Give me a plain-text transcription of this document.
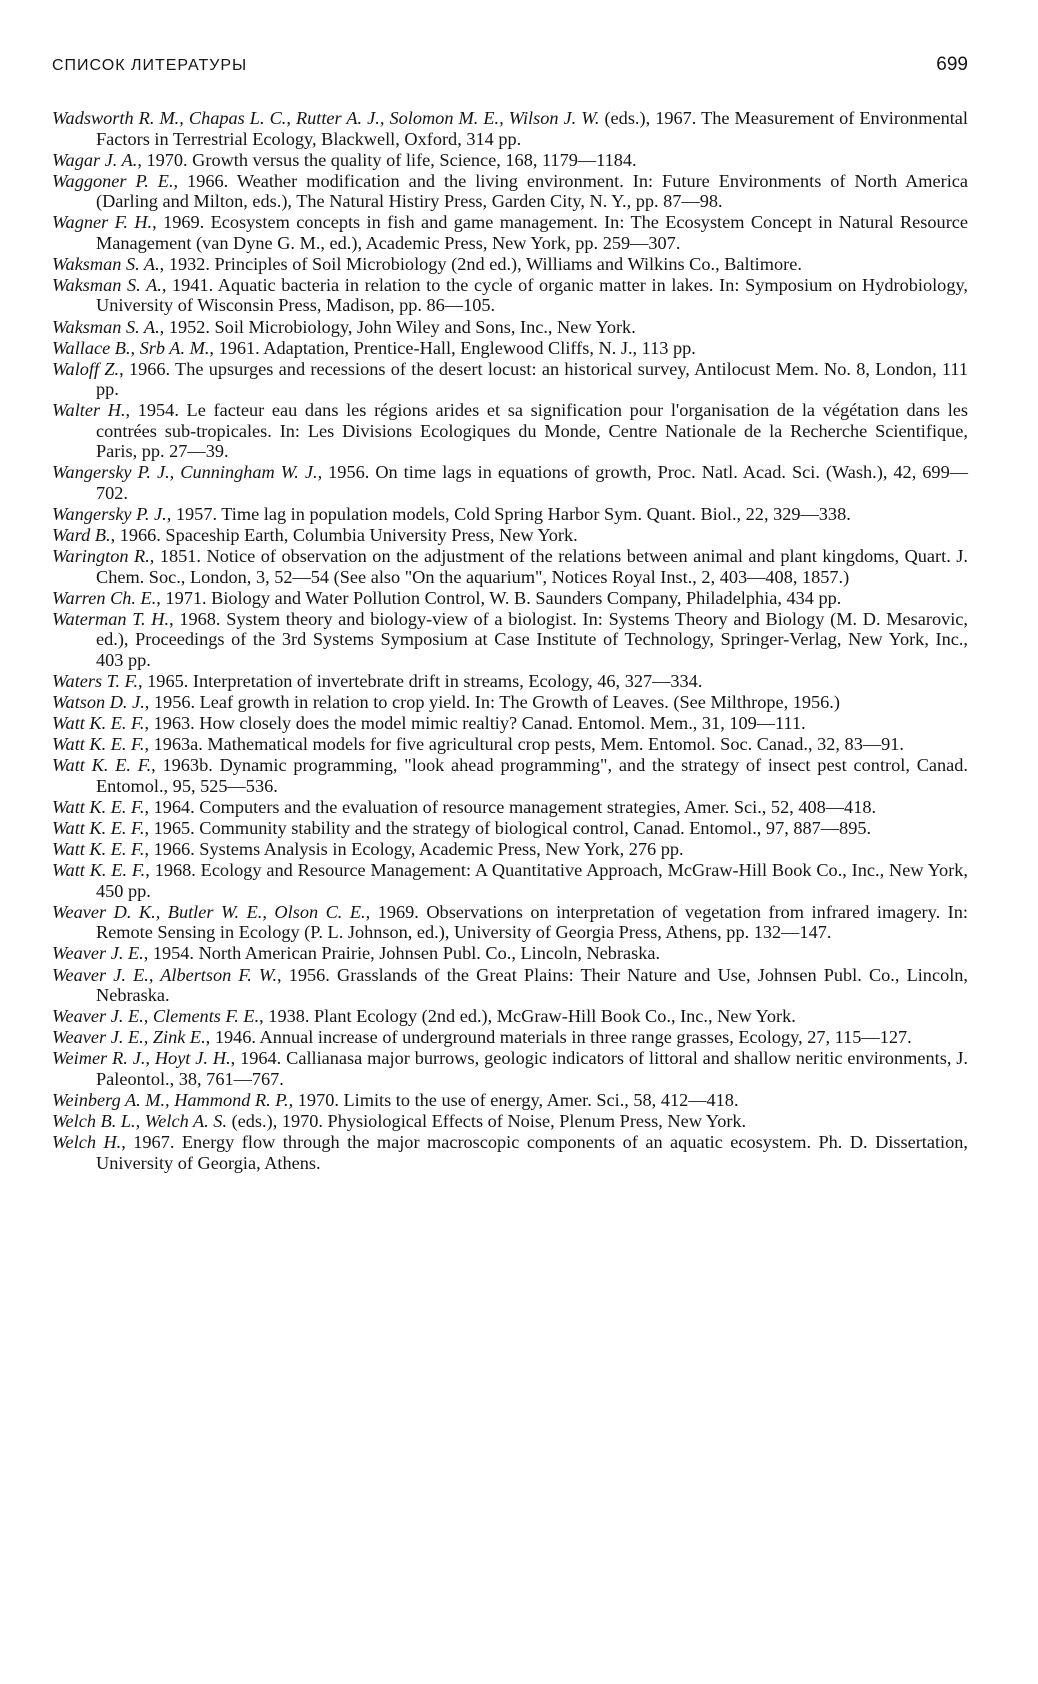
СПИСОК ЛИТЕРАТУРЫ	699

Wadsworth R. M., Chapas L. C., Rutter A. J., Solomon M. E., Wilson J. W. (eds.), 1967. The Measurement of Environmental Factors in Terrestrial Ecology, Blackwell, Oxford, 314 pp.

Wagar J. A., 1970. Growth versus the quality of life, Science, 168, 1179—1184.

Waggoner P. E., 1966. Weather modification and the living environment. In: Future Environments of North America (Darling and Milton, eds.), The Natural Histiry Press, Garden City, N. Y., pp. 87—98.

Wagner F. H., 1969. Ecosystem concepts in fish and game management. In: The Ecosystem Concept in Natural Resource Management (van Dyne G. M., ed.), Academic Press, New York, pp. 259—307.

Waksman S. A., 1932. Principles of Soil Microbiology (2nd ed.), Williams and Wilkins Co., Baltimore.

Waksman S. A., 1941. Aquatic bacteria in relation to the cycle of organic matter in lakes. In: Symposium on Hydrobiology, University of Wisconsin Press, Madison, pp. 86—105.

Waksman S. A., 1952. Soil Microbiology, John Wiley and Sons, Inc., New York.

Wallace B., Srb A. M., 1961. Adaptation, Prentice-Hall, Englewood Cliffs, N. J., 113 pp.

Waloff Z., 1966. The upsurges and recessions of the desert locust: an historical survey, Antilocust Mem. No. 8, London, 111 pp.

Walter H., 1954. Le facteur eau dans les régions arides et sa signification pour l'organisation de la végétation dans les contrées sub-tropicales. In: Les Divisions Ecologiques du Monde, Centre Nationale de la Recherche Scientifique, Paris, pp. 27—39.

Wangersky P. J., Cunningham W. J., 1956. On time lags in equations of growth, Proc. Natl. Acad. Sci. (Wash.), 42, 699—702.

Wangersky P. J., 1957. Time lag in population models, Cold Spring Harbor Sym. Quant. Biol., 22, 329—338.

Ward B., 1966. Spaceship Earth, Columbia University Press, New York.

Warington R., 1851. Notice of observation on the adjustment of the relations between animal and plant kingdoms, Quart. J. Chem. Soc., London, 3, 52—54 (See also "On the aquarium", Notices Royal Inst., 2, 403—408, 1857.)

Warren Ch. E., 1971. Biology and Water Pollution Control, W. B. Saunders Company, Philadelphia, 434 pp.

Waterman T. H., 1968. System theory and biology-view of a biologist. In: Systems Theory and Biology (M. D. Mesarovic, ed.), Proceedings of the 3rd Systems Symposium at Case Institute of Technology, Springer-Verlag, New York, Inc., 403 pp.

Waters T. F., 1965. Interpretation of invertebrate drift in streams, Ecology, 46, 327—334.

Watson D. J., 1956. Leaf growth in relation to crop yield. In: The Growth of Leaves. (See Milthrope, 1956.)

Watt K. E. F., 1963. How closely does the model mimic realtiy? Canad. Entomol. Mem., 31, 109—111.

Watt K. E. F., 1963a. Mathematical models for five agricultural crop pests, Mem. Entomol. Soc. Canad., 32, 83—91.

Watt K. E. F., 1963b. Dynamic programming, "look ahead programming", and the strategy of insect pest control, Canad. Entomol., 95, 525—536.

Watt K. E. F., 1964. Computers and the evaluation of resource management strategies, Amer. Sci., 52, 408—418.

Watt K. E. F., 1965. Community stability and the strategy of biological control, Canad. Entomol., 97, 887—895.

Watt K. E. F., 1966. Systems Analysis in Ecology, Academic Press, New York, 276 pp.

Watt K. E. F., 1968. Ecology and Resource Management: A Quantitative Approach, McGraw-Hill Book Co., Inc., New York, 450 pp.

Weaver D. K., Butler W. E., Olson C. E., 1969. Observations on interpretation of vegetation from infrared imagery. In: Remote Sensing in Ecology (P. L. Johnson, ed.), University of Georgia Press, Athens, pp. 132—147.

Weaver J. E., 1954. North American Prairie, Johnsen Publ. Co., Lincoln, Nebraska.

Weaver J. E., Albertson F. W., 1956. Grasslands of the Great Plains: Their Nature and Use, Johnsen Publ. Co., Lincoln, Nebraska.

Weaver J. E., Clements F. E., 1938. Plant Ecology (2nd ed.), McGraw-Hill Book Co., Inc., New York.

Weaver J. E., Zink E., 1946. Annual increase of underground materials in three range grasses, Ecology, 27, 115—127.

Weimer R. J., Hoyt J. H., 1964. Callianasa major burrows, geologic indicators of littoral and shallow neritic environments, J. Paleontol., 38, 761—767.

Weinberg A. M., Hammond R. P., 1970. Limits to the use of energy, Amer. Sci., 58, 412—418.

Welch B. L., Welch A. S. (eds.), 1970. Physiological Effects of Noise, Plenum Press, New York.

Welch H., 1967. Energy flow through the major macroscopic components of an aquatic ecosystem. Ph. D. Dissertation, University of Georgia, Athens.
